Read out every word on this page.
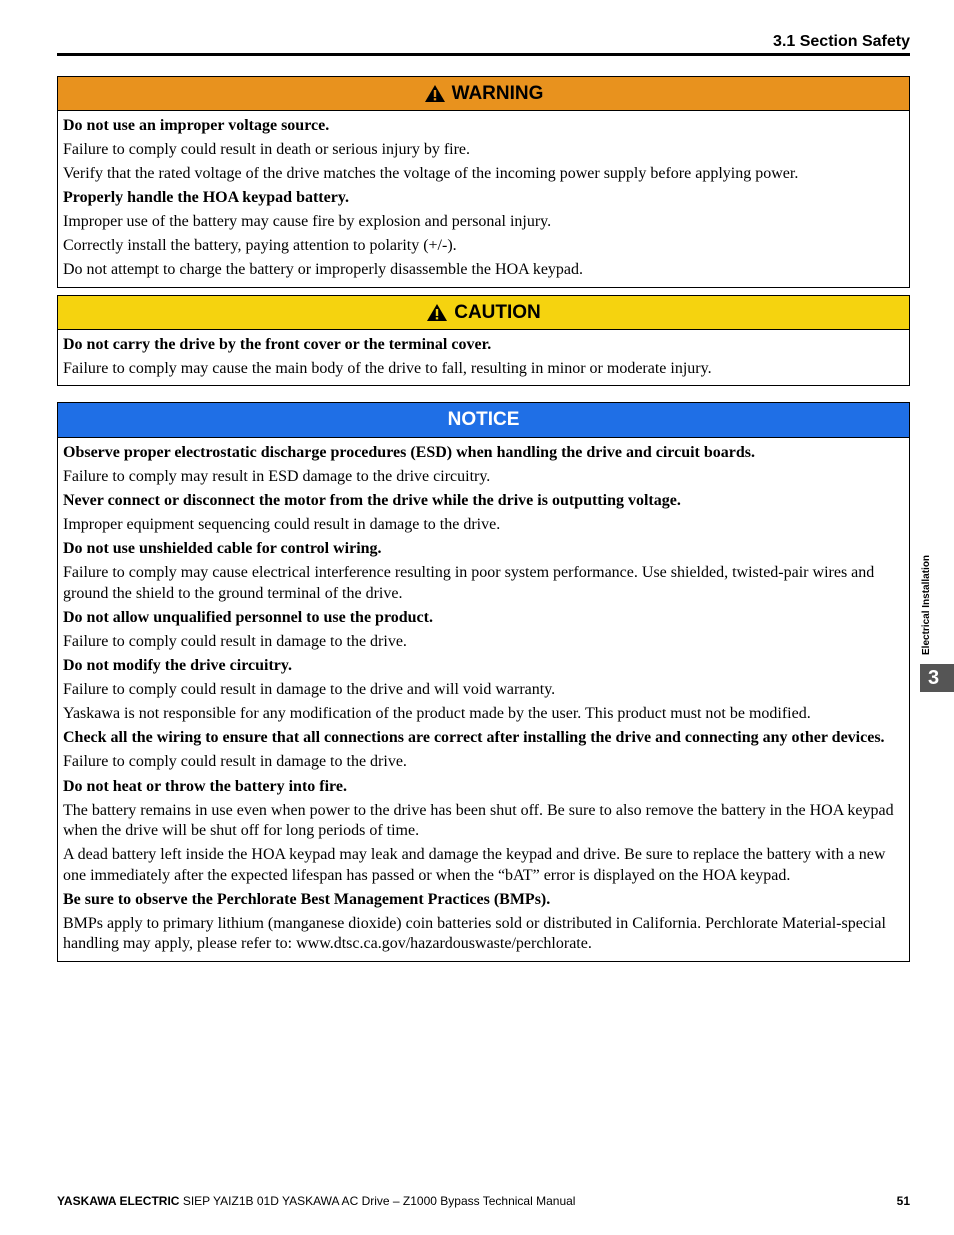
3.1 Section Safety
WARNING

Do not use an improper voltage source.

Failure to comply could result in death or serious injury by fire.

Verify that the rated voltage of the drive matches the voltage of the incoming power supply before applying power.

Properly handle the HOA keypad battery.

Improper use of the battery may cause fire by explosion and personal injury.

Correctly install the battery, paying attention to polarity (+/-).

Do not attempt to charge the battery or improperly disassemble the HOA keypad.

CAUTION

Do not carry the drive by the front cover or the terminal cover.

Failure to comply may cause the main body of the drive to fall, resulting in minor or moderate injury.

NOTICE

Observe proper electrostatic discharge procedures (ESD) when handling the drive and circuit boards.

Failure to comply may result in ESD damage to the drive circuitry.

Never connect or disconnect the motor from the drive while the drive is outputting voltage.

Improper equipment sequencing could result in damage to the drive.

Do not use unshielded cable for control wiring.

Failure to comply may cause electrical interference resulting in poor system performance. Use shielded, twisted-pair wires and ground the shield to the ground terminal of the drive.

Do not allow unqualified personnel to use the product.

Failure to comply could result in damage to the drive.

Do not modify the drive circuitry.

Failure to comply could result in damage to the drive and will void warranty.

Yaskawa is not responsible for any modification of the product made by the user. This product must not be modified.

Check all the wiring to ensure that all connections are correct after installing the drive and connecting any other devices.

Failure to comply could result in damage to the drive.

Do not heat or throw the battery into fire.

The battery remains in use even when power to the drive has been shut off. Be sure to also remove the battery in the HOA keypad when the drive will be shut off for long periods of time.

A dead battery left inside the HOA keypad may leak and damage the keypad and drive. Be sure to replace the battery with a new one immediately after the expected lifespan has passed or when the “bAT” error is displayed on the HOA keypad.

Be sure to observe the Perchlorate Best Management Practices (BMPs).

BMPs apply to primary lithium (manganese dioxide) coin batteries sold or distributed in California. Perchlorate Material-special handling may apply, please refer to: www.dtsc.ca.gov/hazardouswaste/perchlorate.

Electrical Installation
3
YASKAWA ELECTRIC SIEP YAIZ1B 01D YASKAWA AC Drive – Z1000 Bypass Technical Manual	51
